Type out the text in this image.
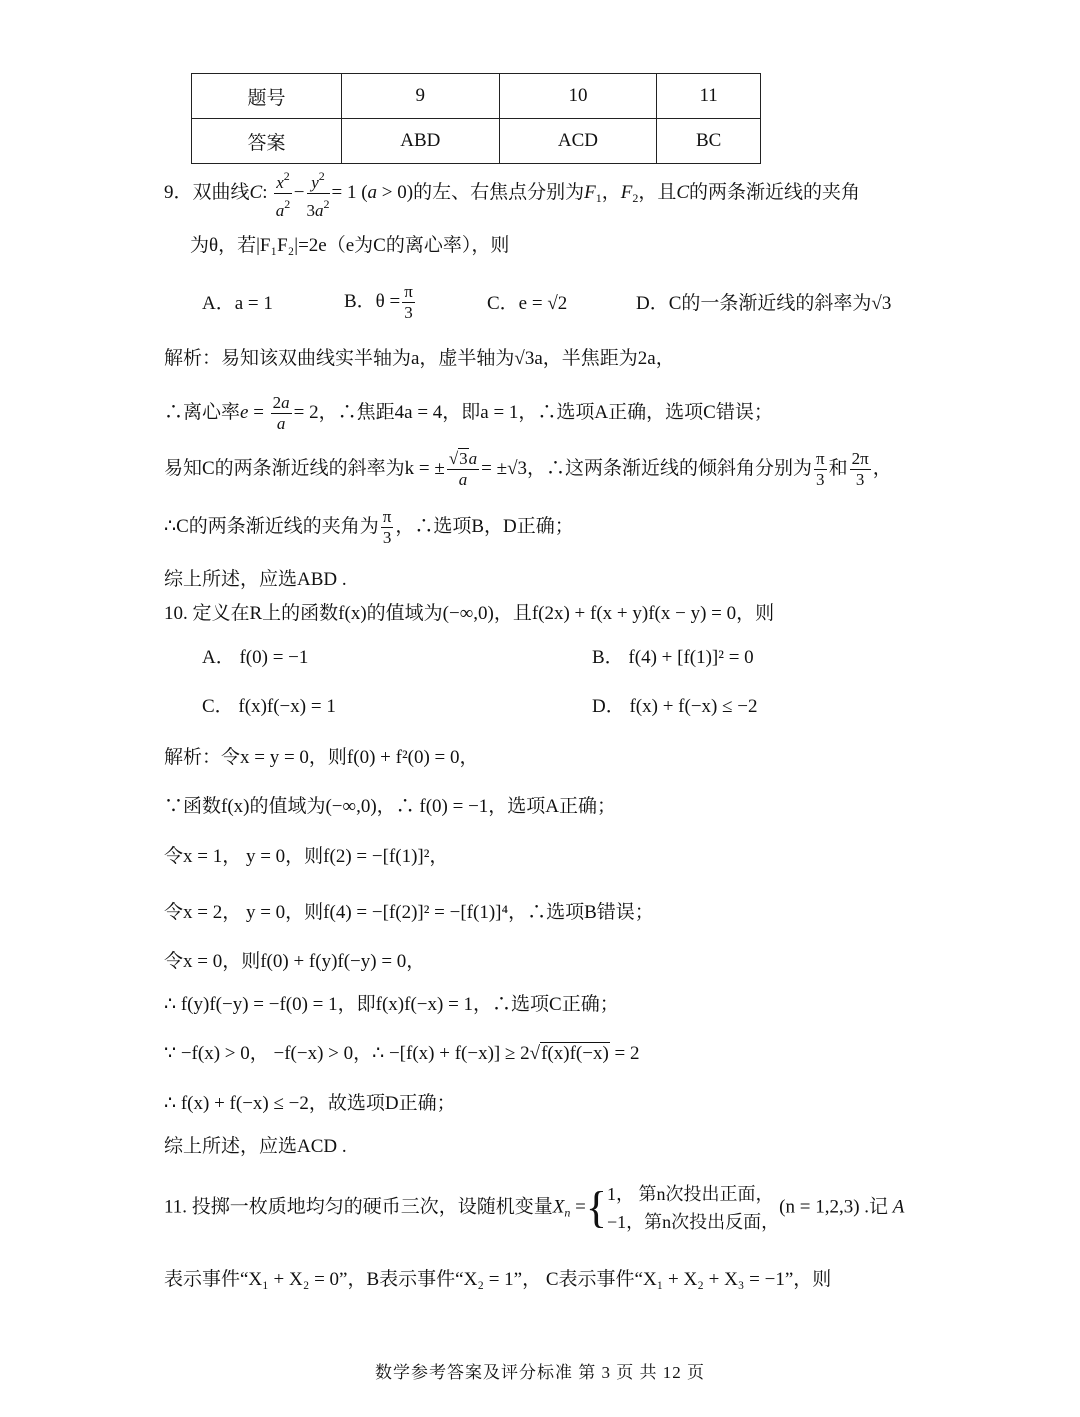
题号	9	10	11
答案	ABD	ACD	BC
9．双曲线C: $\frac{x^2}{a^2} - \frac{y^2}{3a^2} = 1$ (a > 0)的左、右焦点分别为$F_1$，$F_2$，且C的两条渐近线的夹角
为θ，若|F₁F₂|=2e（e为C的离心率），则
A．a = 1	B．$\theta = \frac{\pi}{3}$	C．e = √2	D．C的一条渐近线的斜率为√3
解析：易知该双曲线实半轴为a，虚半轴为√3a，半焦距为2a，
∴离心率$e = \frac{2a}{a} = 2$，∴焦距4a = 4，即a = 1，∴选项A正确，选项C错误；
易知C的两条渐近线的斜率为k = ± $\frac{√3a}{a} = \pm√3$，∴这两条渐近线的倾斜角分别为 $\frac{\pi}{3}$ 和 $\frac{2\pi}{3}$ ，
∴C的两条渐近线的夹角为 $\frac{\pi}{3}$ ，∴选项B，D正确；
综上所述，应选ABD .
10. 定义在R上的函数f(x)的值域为(−∞,0)，且f(2x) + f(x + y)f(x − y) = 0，则
A． f(0) = −1	B． f(4) + [f(1)]² = 0
C． f(x)f(−x) = 1	D． f(x) + f(−x) ≤ −2
解析：令x = y = 0，则f(0) + f²(0) = 0，
∵函数f(x)的值域为(−∞,0)，∴ f(0) = −1，选项A正确；
令x = 1， y = 0，则f(2) = −[f(1)]²，
令x = 2， y = 0，则f(4) = −[f(2)]² = −[f(1)]⁴，∴选项B错误；
令x = 0，则f(0) + f(y)f(−y) = 0，
∴ f(y)f(−y) = −f(0) = 1，即f(x)f(−x) = 1，∴选项C正确；
∵ −f(x) > 0， −f(−x) > 0，∴ −[f(x) + f(−x)] ≥ 2√f(x)f(−x) = 2
∴ f(x) + f(−x) ≤ −2，故选项D正确；
综上所述，应选ACD .
11. 投掷一枚质地均匀的硬币三次，设随机变量$X_n$ ={ 1， 第n次投出正面，
−1，第n次投出反面，
(n = 1,2,3) .记 A
表示事件“X₁ + X₂ = 0”，B表示事件“X₂ = 1”， C表示事件“X₁ + X₂ + X₃ = −1”，则
数学参考答案及评分标准 第 3 页 共 12 页
